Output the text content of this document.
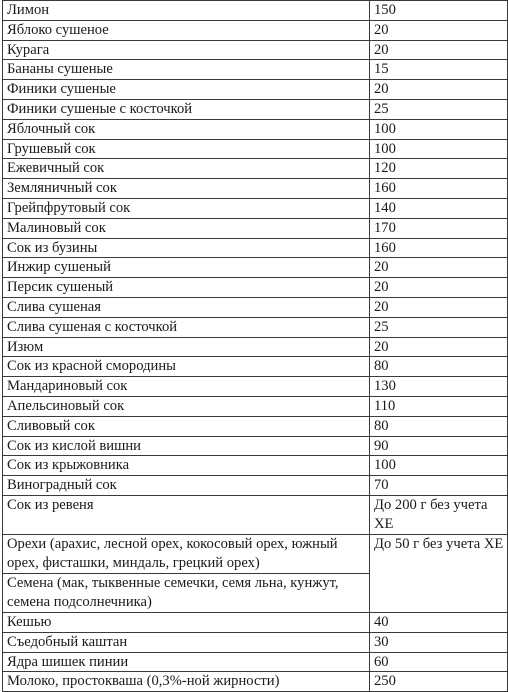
Лимон	150
Яблоко сушеное	20
Курага	20
Бананы сушеные	15
Финики сушеные	20
Финики сушеные с косточкой	25
Яблочный сок	100
Грушевый сок	100
Ежевичный сок	120
Земляничный сок	160
Грейпфрутовый сок	140
Малиновый сок	170
Сок из бузины	160
Инжир сушеный	20
Персик сушеный	20
Слива сушеная	20
Слива сушеная с косточкой	25
Изюм	20
Сок из красной смородины	80
Мандариновый сок	130
Апельсиновый сок	110
Сливовый сок	80
Сок из кислой вишни	90
Сок из крыжовника	100
Виноградный сок	70
Сок из ревеня	До 200 г без учета ХЕ
Орехи (арахис, лесной орех, кокосовый орех, южный орех, фисташки, миндаль, грецкий орех)	До 50 г без учета ХЕ
Семена (мак, тыквенные семечки, семя льна, кунжут, семена подсолнечника)	
Кешью	40
Съедобный каштан	30
Ядра шишек пинии	60
Молоко, простокваша (0,3%-ной жирности)	250
